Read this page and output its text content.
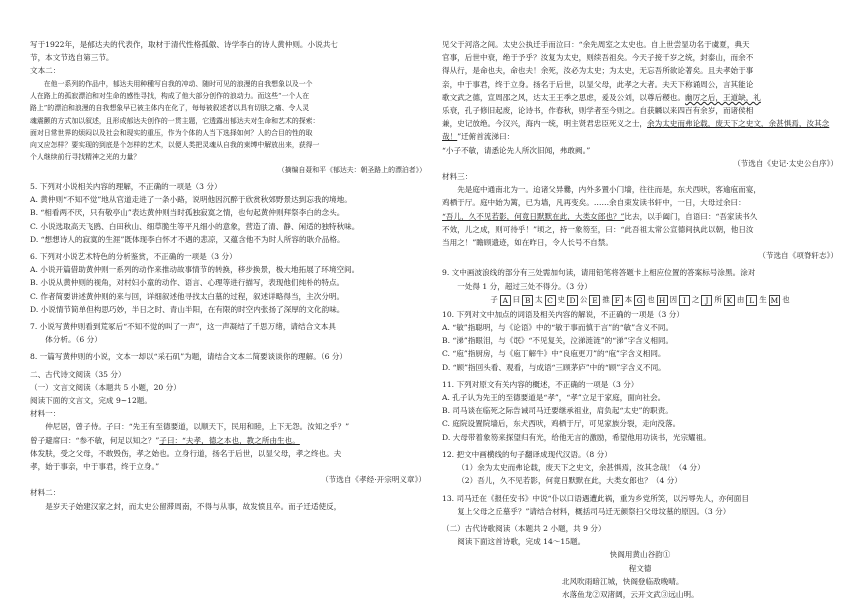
写于1922年，是郁达夫的代表作，取材于清代性格孤傲、诗学李白的诗人黄仲则。小说共七

节，本文节选自第三节。

文本二：

在他一系列的作品中，郁达夫用种種写自我的冲动、随时可见的浪漫的自我想象以及一个

人在路上的孤寂漂泊和对生命的感性寻找，构成了他大部分创作的浪动力。而这些“一个人在

路上”的漂泊和浪漫的自我想象早已被主体内在化了，每每被叙述者以具有切肤之痛、令人灵

魂震颤的方式加以叙述，且形成郁达夫创作的一贯主题，它透露出郁达夫对生命和艺术的探索：

面对日常世界的烦闷以及社会和现实的重压，作为个体的人当下选择如何？人的合目的性的取

向又应怎样？要实现的到底是个怎样的艺术，以便人类把灵魂从自我的束缚中解放出来，获得一

个人继续前行寻找精神之光的力量？

（摘编自聂和平《郁达夫：朝圣路上的漂泊者》）

5. 下列对小说相关内容的理解，不正确的一项是（3 分）

A. 黄仲则“不知不觉”地从官道走进了一条小路，说明他因沉醉于欣赏秋郊野景达到忘我的境地。

B. “相看两不厌，只有敬亭山”表达黄仲则当时孤独寂寞之情，也句起黄仲则拜祭李白的念头。

C. 小说选取高天飞鸥、白田秋山、细草脆生等平凡细小的意象，营造了清、静、闲适的独特秋味。

D. “想想诗人的寂寞的生涯”既体现李白怀才不遇的悲凉，又蕴含他不为时人所容的耿介品格。

6. 下列对小说艺术特色的分析鉴赏，不正确的一项是（3 分）

A. 小说开篇借助黄仲则一系列的动作来推动故事情节的转换，移步换景，极大地拓展了环境空间。

B. 小说从黄仲则的视角，对村妇小童的动作、语言、心理等进行描写，表现他们纯朴的特点。

C. 作者简要讲述黄仲则的来与回，详细叙述他寻找太白墓的过程，叙述详略得当，主次分明。

D. 小说情节简单但构思巧妙，半日之时、青山半阳，在有限的时空内张扬了深厚的文化韵味。

7. 小说写黄仲则看到荒冢后“不知不觉的叫了一声”，这一声凝结了千思万绪，请结合文本具

体分析。（6 分）

8. 一篇写黄仲则的小说，文本一却以“采石矶”为题，请结合文本二简要谈谈你的理解。（6 分）

二、古代诗文阅读（35 分）

（一）文言文阅读（本题共 5 小题，20 分）

阅读下面的文言文，完成 9~12题。

材料一：

仲尼居，曾子侍。子曰：“先王有至德要道，以顺天下，民用和睦，上下无怨。汝知之乎？”

曾子避席曰：“参不敏，何足以知之？”子曰：“夫孝，德之本也，教之所由生也。

体发肤，受之父母，不敢毁伤，孝之始也。立身行道，扬名于后世，以显父母，孝之终也。夫

孝，始于事亲，中于事君，终于立身。”

（节选自《孝经·开宗明义章》）

材料二：

是岁天子始建汉家之封，而太史公留滞周南，不得与从事，故发愤且卒。而子迁适使反，

见父于河洛之间。太史公执迁手而泣曰：“余先周室之太史也。自上世尝显功名于虞夏，典天

官事，后世中衰，绝于予乎？汝复为太史，则续吾祖矣。今天子接千岁之统，封泰山，而余不

得从行，是命也夫，命也夫！余死，汝必为太史；为太史，无忘吾所欲论著矣。且夫孝始于事

亲，中于事君，终于立身。扬名于后世，以显父母，此孝之大者。夫天下称诵周公，言其能论

歌文武之德，宣周邵之风，达太王王季之思虑，爰及公刘，以尊后稷也。幽厉之后，王道缺，礼

乐衰，孔子修旧起废，论诗书，作春秋，则学者至今则之。自获麟以来四百有余岁，而诸侯相

兼，史记放绝。今汉兴，海内一统，明主贤君忠臣死义之士，余为太史而弗论载，废天下之史文，余甚惧焉，汝其念哉！”迁俯首流涕曰：

“小子不敏，请悉论先人所次旧闻，弗敢阙。”

（节选自《史记·太史公自序》）

材料三：

先是庭中通南北为一。迨诸父异爨，内外多置小门墙，往往而是，东犬西吠，客逾庖而宴，

鸡栖于厅。庭中始为篱，已为墙，凡再变矣。……余自束发读书轩中，一日，大母过余曰：

“吾儿，久不见若影，何竟日默默在此，大类女郎也？”比去，以手阖门，自语曰：“吾家读书久

不效，儿之成，则可待乎！”顷之，持一象笏至，曰：“此吾祖太常公宣德间执此以朝，他日汝

当用之！”瞻顾遗迹，如在昨日，令人长号不自禁。

（节选自《项脊轩志》）

9. 文中画波浪线的部分有三处需加句读，请用铅笔将答题卡上相应位置的答案标号涂黑。涂对

一处得 1 分，超过三处不得分。（3 分）

子 A 曰 B 太 C 史 D 公 E 推 F 本 G 也 H 因 I 之 J 所 K 由 L 生 M 也

10. 下列对文中加点的词语及相关内容的解说，不正确的一项是（3 分）

A. “敏”指聪明，与《论语》中的“敏于事而慎于言”的“敏”含义不同。

B. “涕”指眼泪，与《氓》“不见复关，泣涕涟涟”的“涕”字含义相同。

C. “庖”指厨房，与《庖丁解牛》中“良庖更刀”的“庖”字含义相同。

D. “顾”指回头看、观看，与成语“三顾茅庐”中的“顾”字含义不同。

11. 下列对原文有关内容的概述，不正确的一项是（3 分）

A. 孔子认为先王的至德要道是“孝”，“孝”立足于家庭，面向社会。

B. 司马谈在临死之际告诫司马迁要继承祖业，肩负起“太史”的职责。

C. 庭院设置院墙后，东犬西吠，鸡栖于厅，可见家族分裂，走向没落。

D. 大母带着象笏来探望归有光，给他无言的激励，希望他用功读书，光宗耀祖。

12. 把文中画横线的句子翻译成现代汉语。（8 分）

（1）余为太史而弗论载，废天下之史文，余甚惧焉，汝其念哉！（4 分）

（2）吾儿，久不见若影，何竟日默默在此，大类女郎也？（4 分）

13. 司马迁在《报任安书》中说“仆以口语遇遭此祸，重为乡党所笑，以污辱先人，亦何面目

复上父母之丘墓乎？”请结合材料，概括司马迁无颜祭扫父母坟墓的原因。（3 分）

（二）古代诗歌阅读（本题共 2 小题，共 9 分）

阅读下面这首诗歌，完成 14～15题。

快阁用黄山谷韵①

程文德

北风吹雨暗江城，快阁登临敌晚晴。

水落鱼龙②双渚阔，云开文武③远山明。
